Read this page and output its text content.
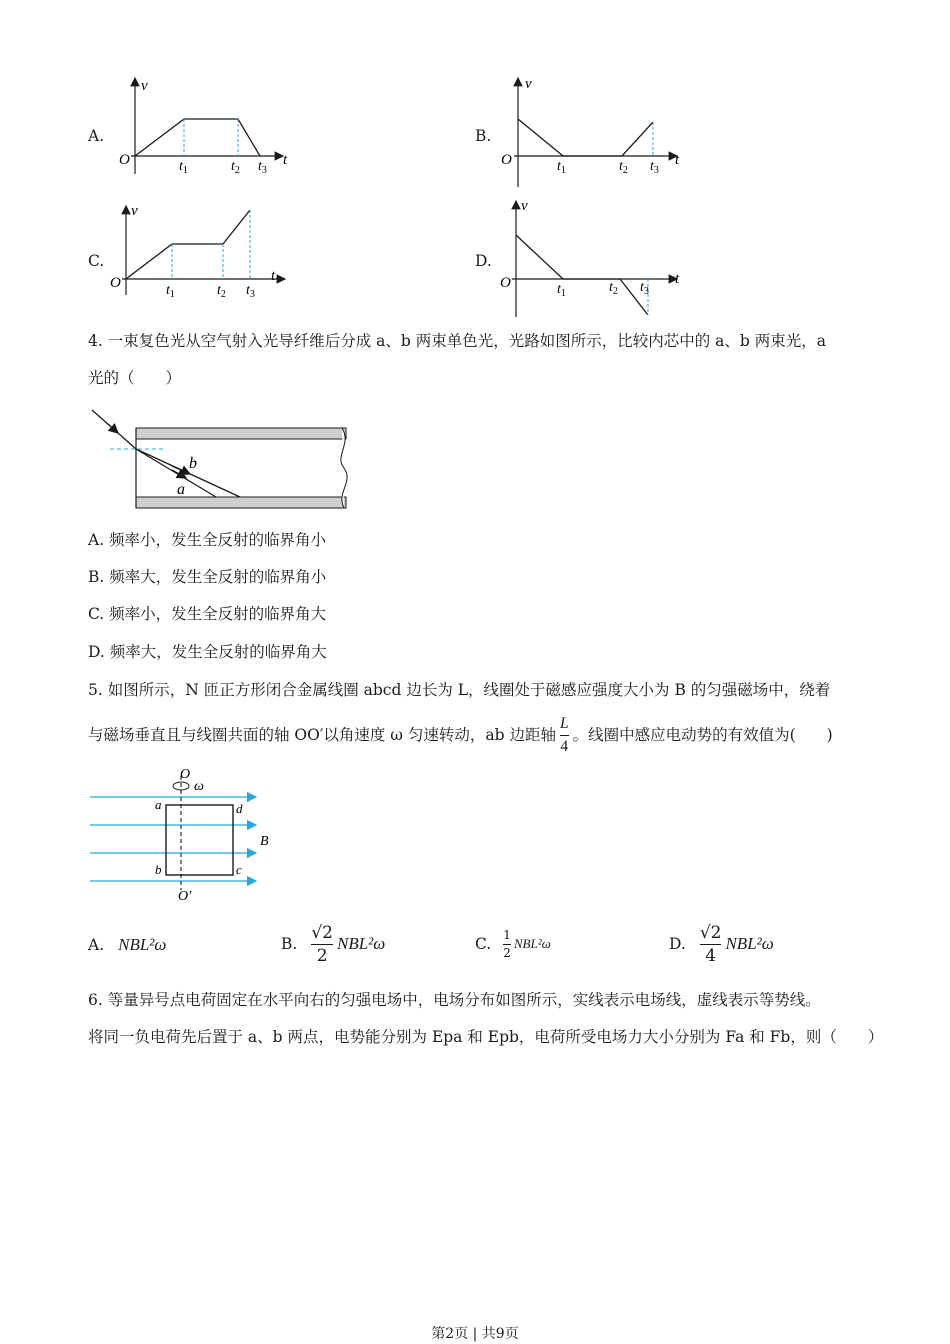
A.
v
O	t
$t_1$	$t_2$ $t_3$
B.
v
O	t
$t_1$	$t_2$ $t_3$
C.
v
O	t
$t_1$	$t_2$ $t_3$
D.
v
O	t
$t_1$	$t_2$ $t_3$
4. 一束复色光从空气射入光导纤维后分成 a、b 两束单色光，光路如图所示，比较内芯中的 a、b 两束光，a
光的（　　）
b
a
A. 频率小，发生全反射的临界角小
B. 频率大，发生全反射的临界角小
C. 频率小，发生全反射的临界角大
D. 频率大，发生全反射的临界角大
5. 如图所示，N 匝正方形闭合金属线圈 abcd 边长为 L，线圈处于磁感应强度大小为 B 的匀强磁场中，绕着
与磁场垂直且与线圈共面的轴 OO′以角速度 ω 匀速转动，ab 边距轴 $\frac{L}{4}$ 。线圈中感应电动势的有效值为(　　)
O
ω
a	d
b	c
B
O′
A. NBL²ω	B. $\frac{√2}{2} NBL^2\omega$	C. $\frac{1}{2} NBL^2\omega$	D. $\frac{√2}{4} NBL^2\omega$
6. 等量异号点电荷固定在水平向右的匀强电场中，电场分布如图所示，实线表示电场线，虚线表示等势线。
将同一负电荷先后置于 a、b 两点，电势能分别为 Epa 和 Epb，电荷所受电场力大小分别为 Fa 和 Fb，则（　　）
第2页 | 共9页
